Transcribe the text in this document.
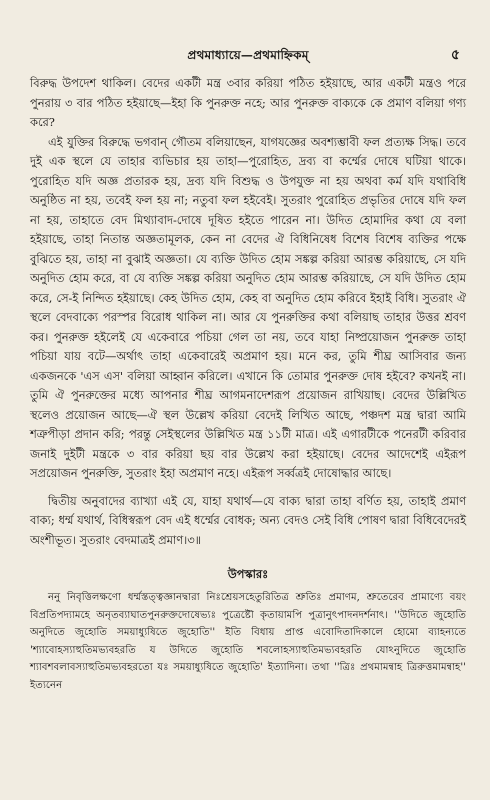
প্রথমাধ্যায়ে—প্রথমাহ্নিকম্	৫

বিরুদ্ধ উপদেশ থাকিল। বেদের একটী মন্ত্র ৩বার করিয়া পঠিত হইয়াছে, আর একটী মন্ত্রও পরে পুনরায় ৩ বার পঠিত হইয়াছে—ইহা কি পুনরুক্ত নহে; আর পুনরুক্ত বাক্যকে কে প্রমাণ বলিয়া গণ্য করে?

এই যুক্তির বিরুদ্ধে ভগবান্ গৌতম বলিয়াছেন, যাগযজ্ঞের অবশ্যম্ভাবী ফল প্রত্যক্ষ সিদ্ধ। তবে দুই এক স্থলে যে তাহার ব্যভিচার হয় তাহা—পুরোহিত, দ্রব্য বা কর্ম্মের দোষে ঘটিয়া থাকে। পুরোহিত যদি অজ্ঞ প্রতারক হয়, দ্রব্য যদি বিশুদ্ধ ও উপযুক্ত না হয় অথবা কর্ম যদি যথাবিধি অনুষ্ঠিত না হয়, তবেই ফল হয় না; নতুবা ফল হইবেই। সুতরাং পুরোহিত প্রভৃতির দোষে যদি ফল না হয়, তাহাতে বেদ মিথ্যাবাদ-দোষে দূষিত হইতে পারেন না। উদিত হোমাদির কথা যে বলা হইয়াছে, তাহা নিতান্ত অজ্ঞতামূলক, কেন না বেদের ঐ বিধিনিষেধ বিশেষ বিশেষ ব্যক্তির পক্ষে বুঝিতে হয়, তাহা না বুঝাই অজ্ঞতা। যে ব্যক্তি উদিত হোম সঙ্কল্প করিয়া আরম্ভ করিয়াছে, সে যদি অনুদিত হোম করে, বা যে ব্যক্তি সঙ্কল্প করিয়া অনুদিত হোম আরম্ভ করিয়াছে, সে যদি উদিত হোম করে, সে-ই নিন্দিত হইয়াছে। কেহ উদিত হোম, কেহ বা অনুদিত হোম করিবে ইহাই বিধি। সুতরাং ঐ স্থলে বেদবাক্যে পরস্পর বিরোধ থাকিল না। আর যে পুনরুক্তির কথা বলিয়াছ তাহার উত্তর শ্রবণ কর। পুনরুক্ত হইলেই যে একেবারে পচিয়া গেল তা নয়, তবে যাহা নিষ্প্রয়োজন পুনরুক্ত তাহা পচিয়া যায় বটে—অর্থাৎ তাহা একেবারেই অপ্রমাণ হয়। মনে কর, তুমি শীঘ্র আসিবার জন্য একজনকে 'এস এস' বলিয়া আহ্বান করিলে। এখানে কি তোমার পুনরুক্ত দোষ হইবে? কখনই না। তুমি ঐ পুনরুক্তের মধ্যে আপনার শীঘ্র আগমনাদেশরূপ প্রয়োজন রাখিয়াছ। বেদের উল্লিখিত স্থলেও প্রয়োজন আছে—ঐ স্থল উল্লেখ করিয়া বেদেই লিখিত আছে, পঞ্চদশ মন্ত্র দ্বারা আমি শত্রুপীড়া প্রদান করি; পরন্তু সেইস্থলের উল্লিখিত মন্ত্র ১১টী মাত্র। এই এগারটীকে পনেরটী করিবার জনাই দুইটী মন্ত্রকে ৩ বার করিয়া ছয় বার উল্লেখ করা হইয়াছে। বেদের আদেশেই এইরূপ সপ্রয়োজন পুনরুক্তি, সুতরাং ইহা অপ্রমাণ নহে। এইরূপ সর্ব্বত্রই দোষোদ্ধার আছে।

দ্বিতীয় অনুবাদের ব্যাখ্যা এই যে, যাহা যথার্থ—যে বাক্য দ্বারা তাহা বর্ণিত হয়, তাহাই প্রমাণ বাক্য; ধর্ম্ম যথার্থ, বিধিস্বরূপ বেদ এই ধর্ম্মের বোধক; অন্য বেদও সেই বিধি পোষণ দ্বারা বিধিবেদেরই অংশীভূত। সুতরাং বেদমাত্রই প্রমাণ।৩॥

উপস্কারঃ

ননু নিবৃত্তিলক্ষণো ধর্ম্মস্তত্ত্বজ্ঞানদ্বারা নিঃশ্রেয়সহেতুরিতিত্র শ্রুতিঃ প্রমাণম, শ্রুতেরেব প্রামাণ্যে বয়ং বিপ্রতিপদ্যামহে অনৃতব্যাঘাতপুনরুক্তদোষেভ্যঃ পুত্রেষ্টৌ কৃতায়ামপি পুত্রানুৎপাদনদর্শনাৎ। ''উদিতে জুহোতি অনুদিতে জুহোতি সময়াধ্যুষিতে জুহোতি'' ইতি বিধায় প্রাপ্ত এবোদিতাদিকালে হোমো ব্যাহন্যতে 'শ্যাবোহস্যাহুতিমভ্যবহরতি য উদিতে জুহোতি শবলোহস্যাহুতিমভ্যবহরতি যোঽনুদিতে জুহোতি শ্যাবশবলাবস্যাহুতিমভ্যবহরতো যঃ সময়াধ্যুষিতে জুহোতি' ইত্যাদিনা। তথা ''ত্রিঃ প্রথমামন্বাহ ত্রিরুত্তমামন্বাহ'' ইত্যনেন
